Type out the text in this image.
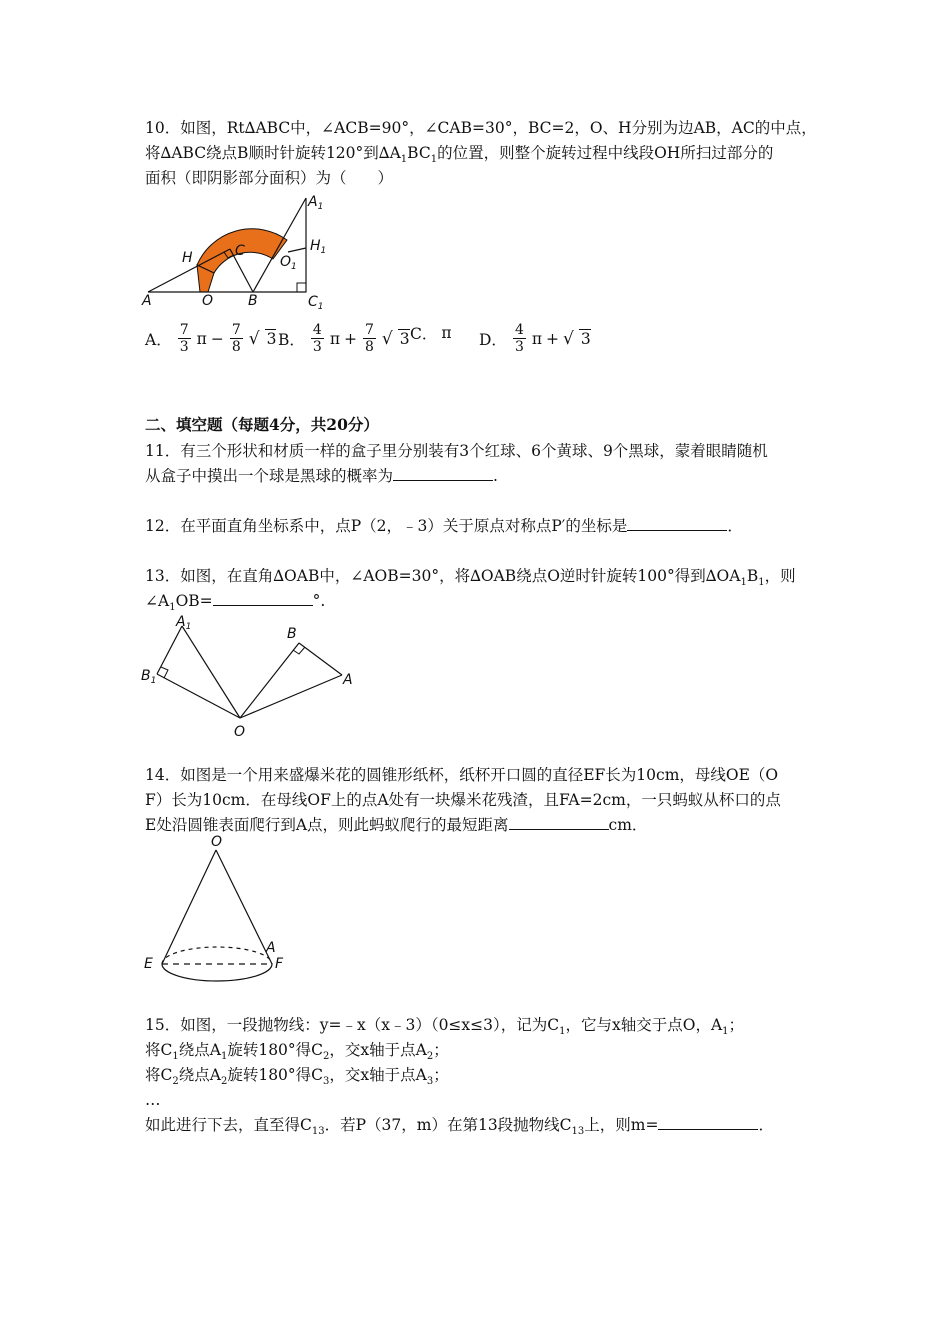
10．如图，Rt∆ABC中，∠ACB=90°，∠CAB=30°，BC=2，O、H分别为边AB，AC的中点，
将∆ABC绕点B顺时针旋转120°到$\Delta A_1BC_1$的位置，则整个旋转过程中线段OH所扫过部分的
面积（即阴影部分面积）为（　　）
A	O B	$C_1$
H	C
$O_1$
$H_1$
$A_1$
A． $\frac{7}{3}$ $\pi - \frac{7}{8}$ √ 3 B． $\frac{4}{3}$ $\pi + \frac{7}{8}$ √ 3 C． π D． $\frac{4}{3}$ π + √ 3
二、填空题（每题4分，共20分）
11．有三个形状和材质一样的盒子里分别装有3个红球、6个黄球、9个黑球，蒙着眼睛随机
从盒子中摸出一个球是黑球的概率为	.
12．在平面直角坐标系中，点P（2，﹣3）关于原点对称点P′的坐标是	．
13．如图，在直角∆OAB中，∠AOB=30°，将∆OAB绕点O逆时针旋转100°得到$\Delta OA_1B_1$，则
$\angle A_1OB=$	°.
$A_1$
$B_1$
B
A
O
14．如图是一个用来盛爆米花的圆锥形纸杯，纸杯开口圆的直径EF长为10cm，母线OE（O
F）长为10cm．在母线OF上的点A处有一块爆米花残渣，且FA=2cm，一只蚂蚁从杯口的点
E处沿圆锥表面爬行到A点，则此蚂蚁爬行的最短距离	cm．
O
E	F
A
15．如图，一段抛物线：y=﹣x（x﹣3）（0≤x≤3），记为$C_1$，它与x轴交于点O，$A_1$；
将$C_1$绕点$A_1$旋转180°得$C_2$，交x轴于点$A_2$；
将$C_2$绕点$A_2$旋转180°得$C_3$，交x轴于点$A_3$；
…
如此进行下去，直至得$C_{13}$．若P（37，m）在第13段抛物线$C_{13}$上，则m=	．
